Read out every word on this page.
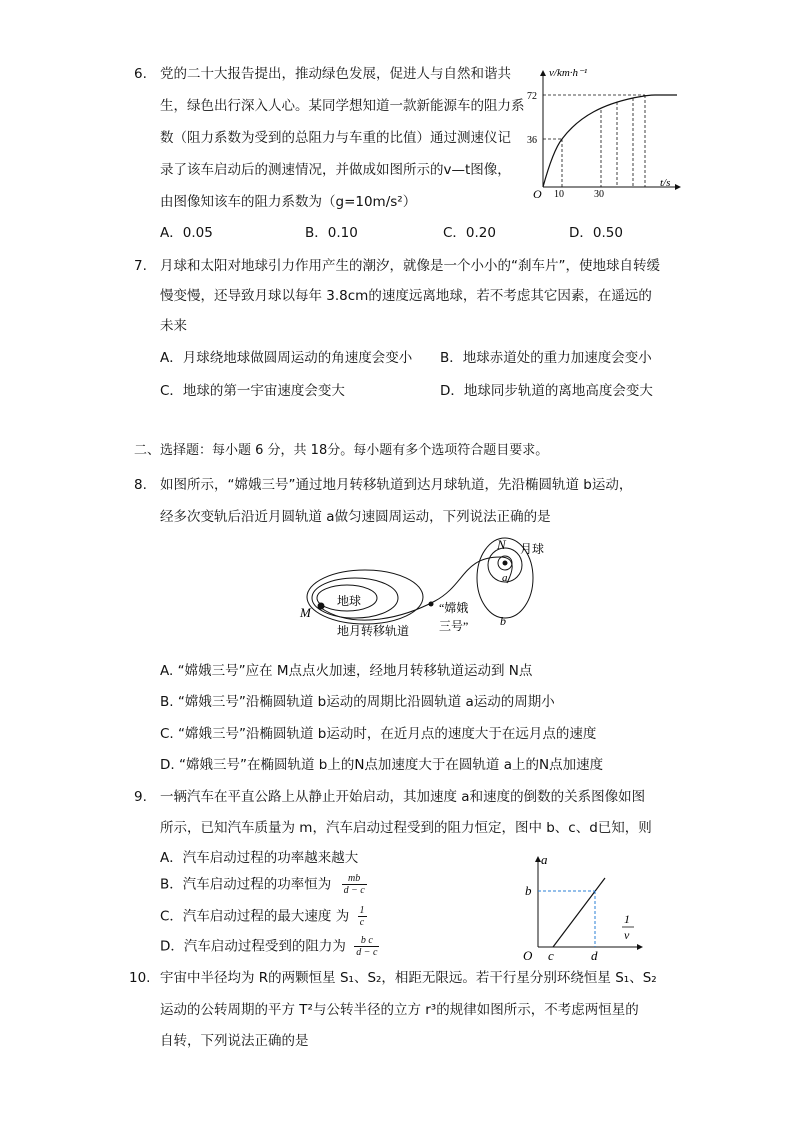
6. 党的二十大报告提出，推动绿色发展，促进人与自然和谐共
生，绿色出行深入人心。某同学想知道一款新能源车的阻力系
数（阻力系数为受到的总阻力与车重的比值）通过测速仪记
录了该车启动后的测速情况，并做成如图所示的v—t图像，
由图像知该车的阻力系数为（g=10m/s²）
A．0.05	B．0.10	C．0.20	D．0.50
v/km·h⁻¹
t/s
O
72
36
10	30
7. 月球和太阳对地球引力作用产生的潮汐，就像是一个小小的“刹车片”，使地球自转缓
慢变慢，还导致月球以每年 3.8cm的速度远离地球，若不考虑其它因素，在遥远的
未来
A．月球绕地球做圆周运动的角速度会变小 B．地球赤道处的重力加速度会变小
C．地球的第一宇宙速度会变大	D．地球同步轨道的离地高度会变大
二、选择题：每小题 6 分，共 18分。每小题有多个选项符合题目要求。
8. 如图所示，“嫦娥三号”通过地月转移轨道到达月球轨道，先沿椭圆轨道 b运动，
经多次变轨后沿近月圆轨道 a做匀速圆周运动，下列说法正确的是
N 月球
a
b
M
地球	“嫦娥
三号”
地月转移轨道
A. “嫦娥三号”应在 M点点火加速，经地月转移轨道运动到 N点
B. “嫦娥三号”沿椭圆轨道 b运动的周期比沿圆轨道 a运动的周期小
C. “嫦娥三号”沿椭圆轨道 b运动时，在近月点的速度大于在远月点的速度
D. “嫦娥三号”在椭圆轨道 b上的N点加速度大于在圆轨道 a上的N点加速度
9. 一辆汽车在平直公路上从静止开始启动，其加速度 a和速度的倒数的关系图像如图
所示，已知汽车质量为 m，汽车启动过程受到的阻力恒定，图中 b、c、d已知，则
A．汽车启动过程的功率越来越大
B．汽车启动过程的功率恒为 $\frac{mb}{d - c}$
C．汽车启动过程的最大速度 为 $\frac{1}{c}$
D．汽车启动过程受到的阻力为 $\frac{\text{b c}}{d - c}$
a
b
O c	d
1
v
10. 宇宙中半径均为 R的两颗恒星 S₁、S₂，相距无限远。若干行星分别环绕恒星 S₁、S₂
运动的公转周期的平方 T²与公转半径的立方 r³的规律如图所示，不考虑两恒星的
自转，下列说法正确的是
